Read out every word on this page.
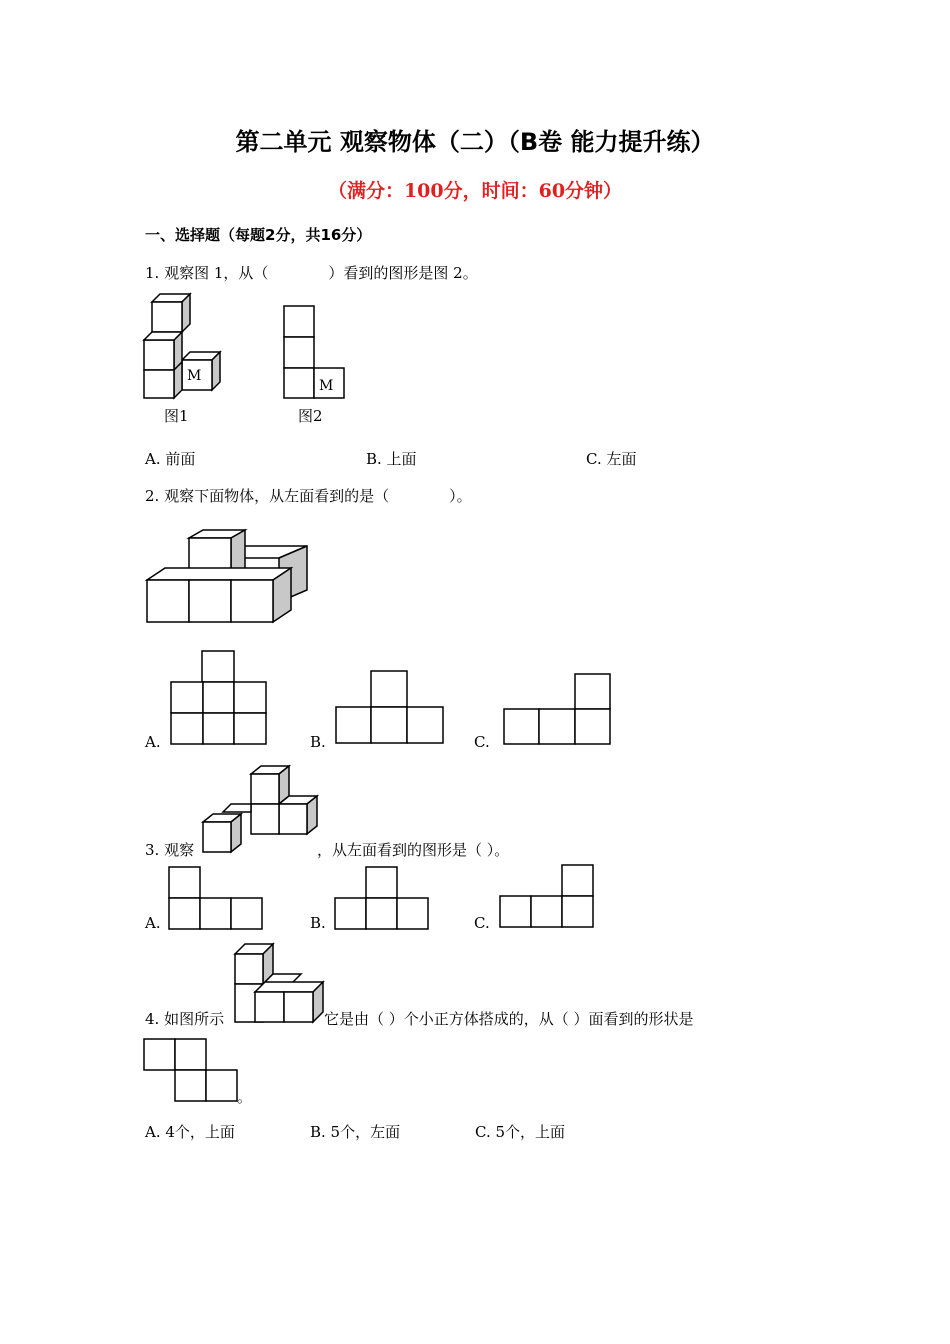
第二单元 观察物体（二）（B卷 能力提升练）
（满分：100分，时间：60分钟）
一、选择题（每题2分，共16分）
1. 观察图 1，从（　　　　）看到的图形是图 2。
M
图1
M
图2
A. 前面	B. 上面	C. 左面
2. 观察下面物体，从左面看到的是（　　　　）。
A.	B.	C.
3. 观察	，从左面看到的图形是（ ）。
A.	B.	C.
4. 如图所示	它是由（ ）个小正方体搭成的，从（ ）面看到的形状是
。
A. 4个，上面	B. 5个，左面	C. 5个，上面
